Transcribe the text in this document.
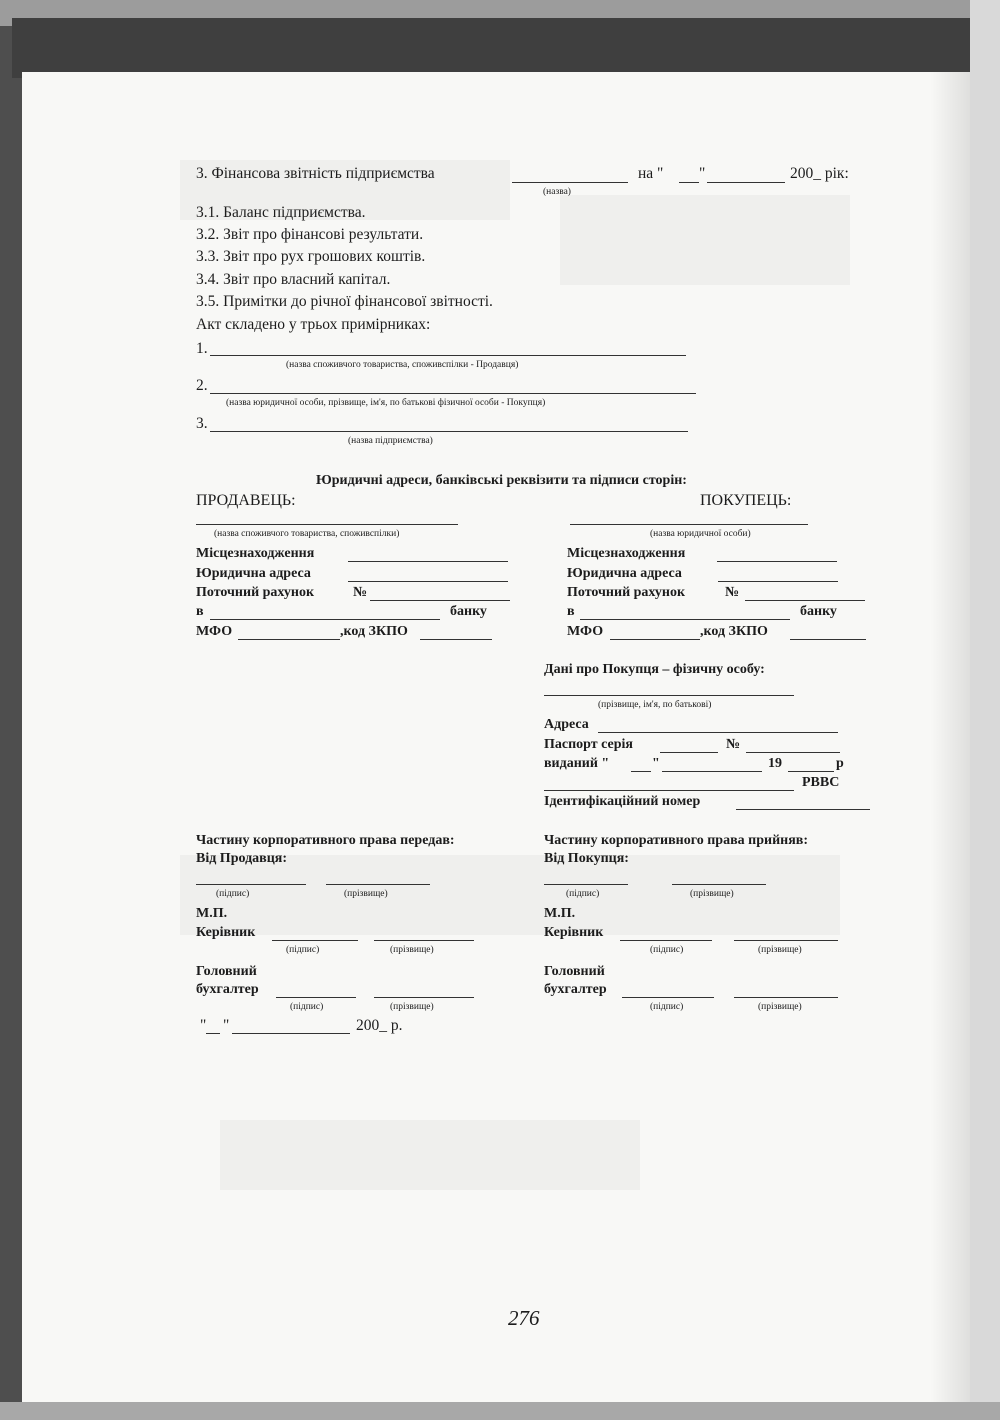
3. Фінансова звітність підприємства	на " "	200_ рік:
(назва)
3.1. Баланс підприємства.
3.2. Звіт про фінансові результати.
3.3. Звіт про рух грошових коштів.
3.4. Звіт про власний капітал.
3.5. Примітки до річної фінансової звітності.
Акт складено у трьох примірниках:
1.
(назва споживчого товариства, споживспілки - Продавця)
2.
(назва юридичної особи, прізвище, ім'я, по батькові фізичної особи - Покупця)
3.
(назва підприємства)
Юридичні адреси, банківські реквізити та підписи сторін:
ПРОДАВЕЦЬ:	ПОКУПЕЦЬ:
(назва споживчого товариства, споживспілки)	(назва юридичної особи)
Місцезнаходження
Юридична адреса
Поточний рахунок	№
в	банку
МФО	,код ЗКПО
Місцезнаходження
Юридична адреса
Поточний рахунок	№
в	банку
МФО	,код ЗКПО
Дані про Покупця – фізичну особу:
(прізвище, ім'я, по батькові)
Адреса
Паспорт серія	№
виданий "	"	19	р
РВВС
Ідентифікаційний номер
Частину корпоративного права передав:
Від Продавця:
(підпис)	(прізвище)
М.П.
Керівник
(підпис)	(прізвище)
Головний
бухгалтер
(підпис)	(прізвище)
" "	200_ р.
Частину корпоративного права прийняв:
Від Покупця:
(підпис)	(прізвище)
М.П.
Керівник
(підпис)	(прізвище)
Головний
бухгалтер
(підпис)	(прізвище)
276
